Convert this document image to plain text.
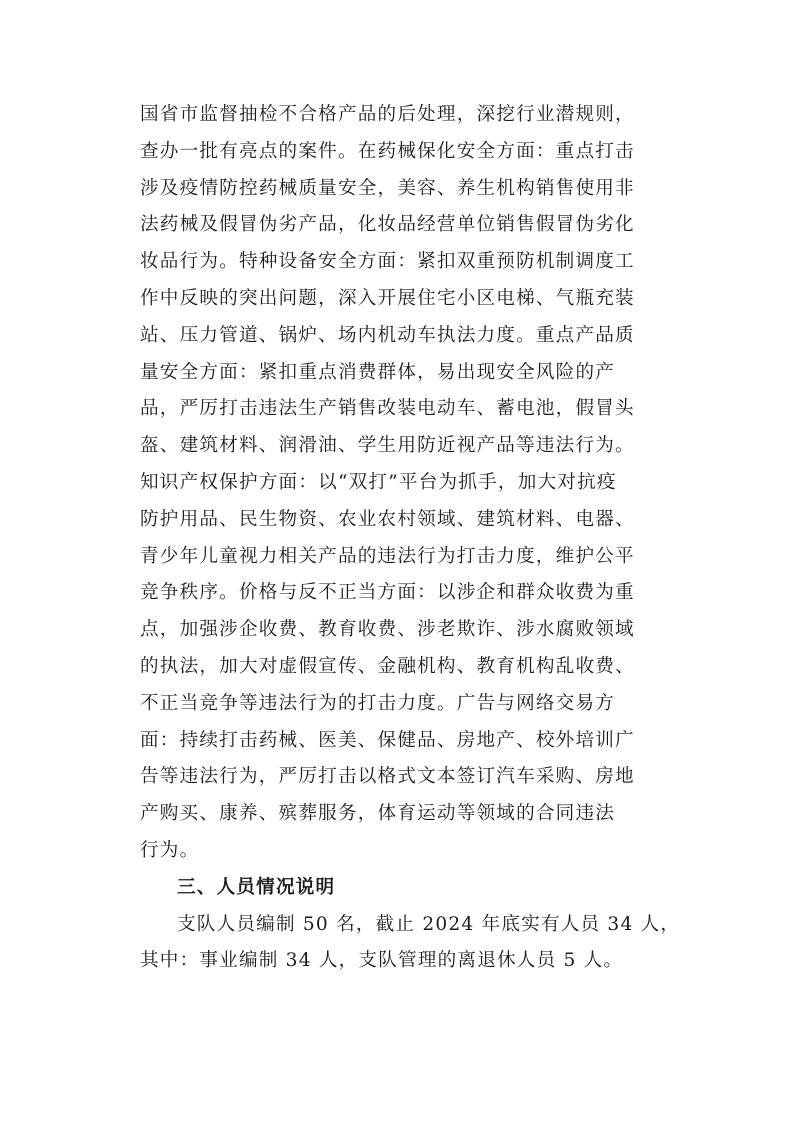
国省市监督抽检不合格产品的后处理，深挖行业潜规则，
查办一批有亮点的案件。在药械保化安全方面：重点打击
涉及疫情防控药械质量安全，美容、养生机构销售使用非
法药械及假冒伪劣产品，化妆品经营单位销售假冒伪劣化
妆品行为。特种设备安全方面：紧扣双重预防机制调度工
作中反映的突出问题，深入开展住宅小区电梯、气瓶充装
站、压力管道、锅炉、场内机动车执法力度。重点产品质
量安全方面：紧扣重点消费群体，易出现安全风险的产
品，严厉打击违法生产销售改装电动车、蓄电池，假冒头
盔、建筑材料、润滑油、学生用防近视产品等违法行为。
知识产权保护方面：以“双打”平台为抓手，加大对抗疫
防护用品、民生物资、农业农村领域、建筑材料、电器、
青少年儿童视力相关产品的违法行为打击力度，维护公平
竞争秩序。价格与反不正当方面：以涉企和群众收费为重
点，加强涉企收费、教育收费、涉老欺诈、涉水腐败领域
的执法，加大对虚假宣传、金融机构、教育机构乱收费、
不正当竞争等违法行为的打击力度。广告与网络交易方
面：持续打击药械、医美、保健品、房地产、校外培训广
告等违法行为，严厉打击以格式文本签订汽车采购、房地
产购买、康养、殡葬服务，体育运动等领域的合同违法
行为。
三、人员情况说明
支队人员编制 50 名，截止 2024 年底实有人员 34 人，
其中：事业编制 34 人，支队管理的离退休人员 5 人。
